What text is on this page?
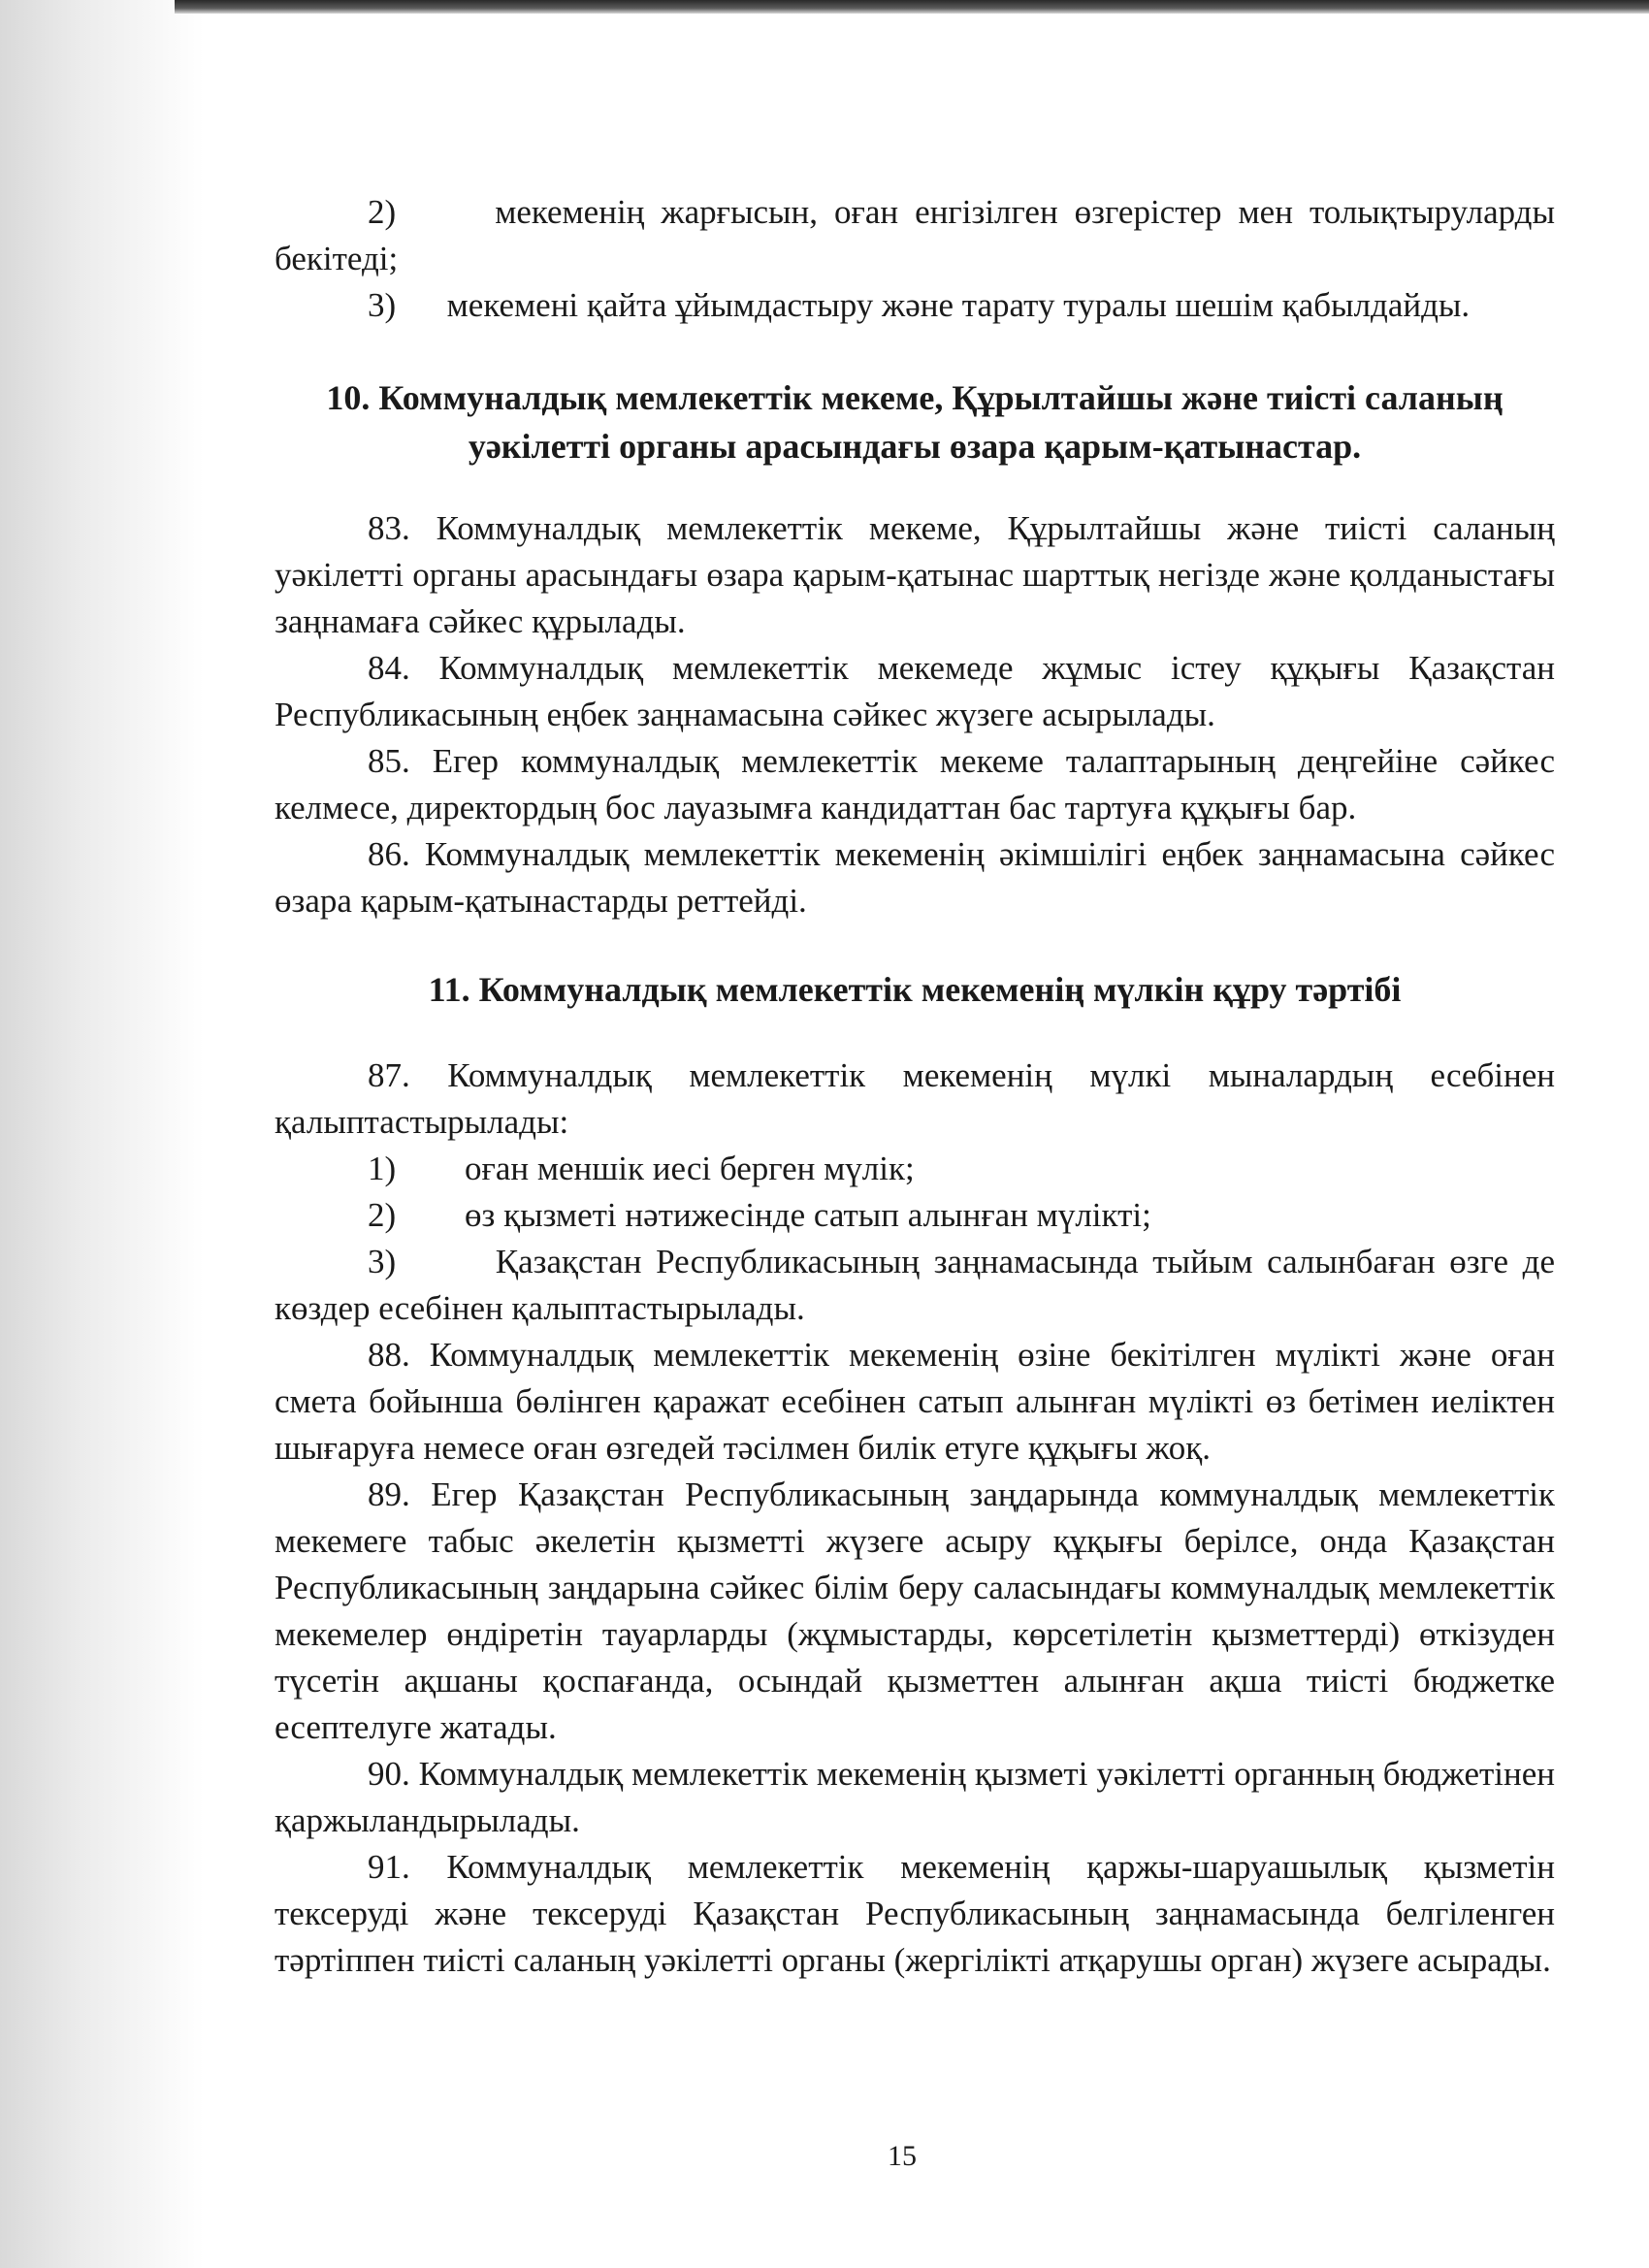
2)	мекеменің жарғысын, оған енгізілген өзгерістер мен толықтыруларды бекітеді;
3) мекемені қайта ұйымдастыру және тарату туралы шешім қабылдайды.
10. Коммуналдық мемлекеттік мекеме, Құрылтайшы және тиісті саланың уәкілетті органы арасындағы өзара қарым-қатынастар.

83. Коммуналдық мемлекеттік мекеме, Құрылтайшы және тиісті саланың уәкілетті органы арасындағы өзара қарым-қатынас шарттық негізде және қолданыстағы заңнамаға сәйкес құрылады.

84. Коммуналдық мемлекеттік мекемеде жұмыс істеу құқығы Қазақстан Республикасының еңбек заңнамасына сәйкес жүзеге асырылады.

85. Егер коммуналдық мемлекеттік мекеме талаптарының деңгейіне сәйкес келмесе, директордың бос лауазымға кандидаттан бас тартуға құқығы бар.

86. Коммуналдық мемлекеттік мекеменің әкімшілігі еңбек заңнамасына сәйкес өзара қарым-қатынастарды реттейді.

11. Коммуналдық мемлекеттік мекеменің мүлкін құру тәртібі

87. Коммуналдық мемлекеттік мекеменің мүлкі мыналардың есебінен қалыптастырылады:

1)	оған меншік иесі берген мүлік;
2)	өз қызметі нәтижесінде сатып алынған мүлікті;
3)	Қазақстан Республикасының заңнамасында тыйым салынбаған өзге де көздер есебінен қалыптастырылады.

88. Коммуналдық мемлекеттік мекеменің өзіне бекітілген мүлікті және оған смета бойынша бөлінген қаражат есебінен сатып алынған мүлікті өз бетімен иеліктен шығаруға немесе оған өзгедей тәсілмен билік етуге құқығы жоқ.

89. Егер Қазақстан Республикасының заңдарында коммуналдық мемлекеттік мекемеге табыс әкелетін қызметті жүзеге асыру құқығы берілсе, онда Қазақстан Республикасының заңдарына сәйкес білім беру саласындағы коммуналдық мемлекеттік мекемелер өндіретін тауарларды (жұмыстарды, көрсетілетін қызметтерді) өткізуден түсетін ақшаны қоспағанда, осындай қызметтен алынған ақша тиісті бюджетке есептелуге жатады.

90. Коммуналдық мемлекеттік мекеменің қызметі уәкілетті органның бюджетінен қаржыландырылады.

91. Коммуналдық мемлекеттік мекеменің қаржы-шаруашылық қызметін тексеруді және тексеруді Қазақстан Республикасының заңнамасында белгіленген тәртіппен тиісті саланың уәкілетті органы (жергілікті атқарушы орган) жүзеге асырады.

15
